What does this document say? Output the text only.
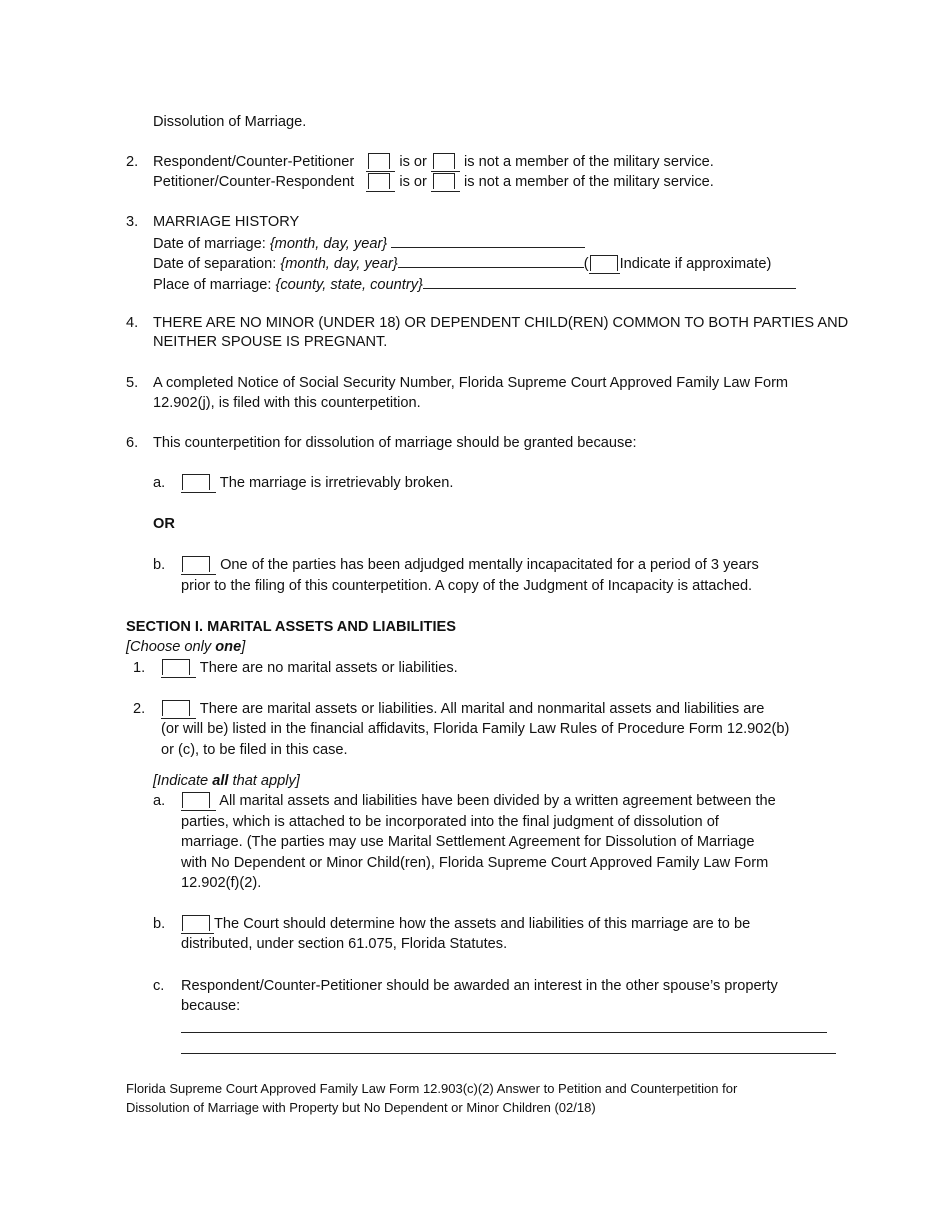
Dissolution of Marriage.
2. Respondent/Counter-Petitioner	is or	is not a member of the military service.
Petitioner/Counter-Respondent	is or	is not a member of the military service.
3. MARRIAGE HISTORY
Date of marriage: {month, day, year}
Date of separation: {month, day, year}	( Indicate if approximate)
Place of marriage: {county, state, country}
4. THERE ARE NO MINOR (UNDER 18) OR DEPENDENT CHILD(REN) COMMON TO BOTH PARTIES AND
NEITHER SPOUSE IS PREGNANT.
5. A completed Notice of Social Security Number, Florida Supreme Court Approved Family Law Form
12.902(j), is filed with this counterpetition.
6. This counterpetition for dissolution of marriage should be granted because:
a.	The marriage is irretrievably broken.
OR
b.	One of the parties has been adjudged mentally incapacitated for a period of 3 years
prior to the filing of this counterpetition. A copy of the Judgment of Incapacity is attached.
SECTION I. MARITAL ASSETS AND LIABILITIES
[Choose only one]
1.	There are no marital assets or liabilities.
2.	There are marital assets or liabilities. All marital and nonmarital assets and liabilities are
(or will be) listed in the financial affidavits, Florida Family Law Rules of Procedure Form 12.902(b)
or (c), to be filed in this case.
[Indicate all that apply]
a.	All marital assets and liabilities have been divided by a written agreement between the
parties, which is attached to be incorporated into the final judgment of dissolution of
marriage. (The parties may use Marital Settlement Agreement for Dissolution of Marriage
with No Dependent or Minor Child(ren), Florida Supreme Court Approved Family Law Form
12.902(f)(2).
b.	The Court should determine how the assets and liabilities of this marriage are to be
distributed, under section 61.075, Florida Statutes.
c. Respondent/Counter-Petitioner should be awarded an interest in the other spouse’s property
because:
Florida Supreme Court Approved Family Law Form 12.903(c)(2) Answer to Petition and Counterpetition for
Dissolution of Marriage with Property but No Dependent or Minor Children (02/18)
